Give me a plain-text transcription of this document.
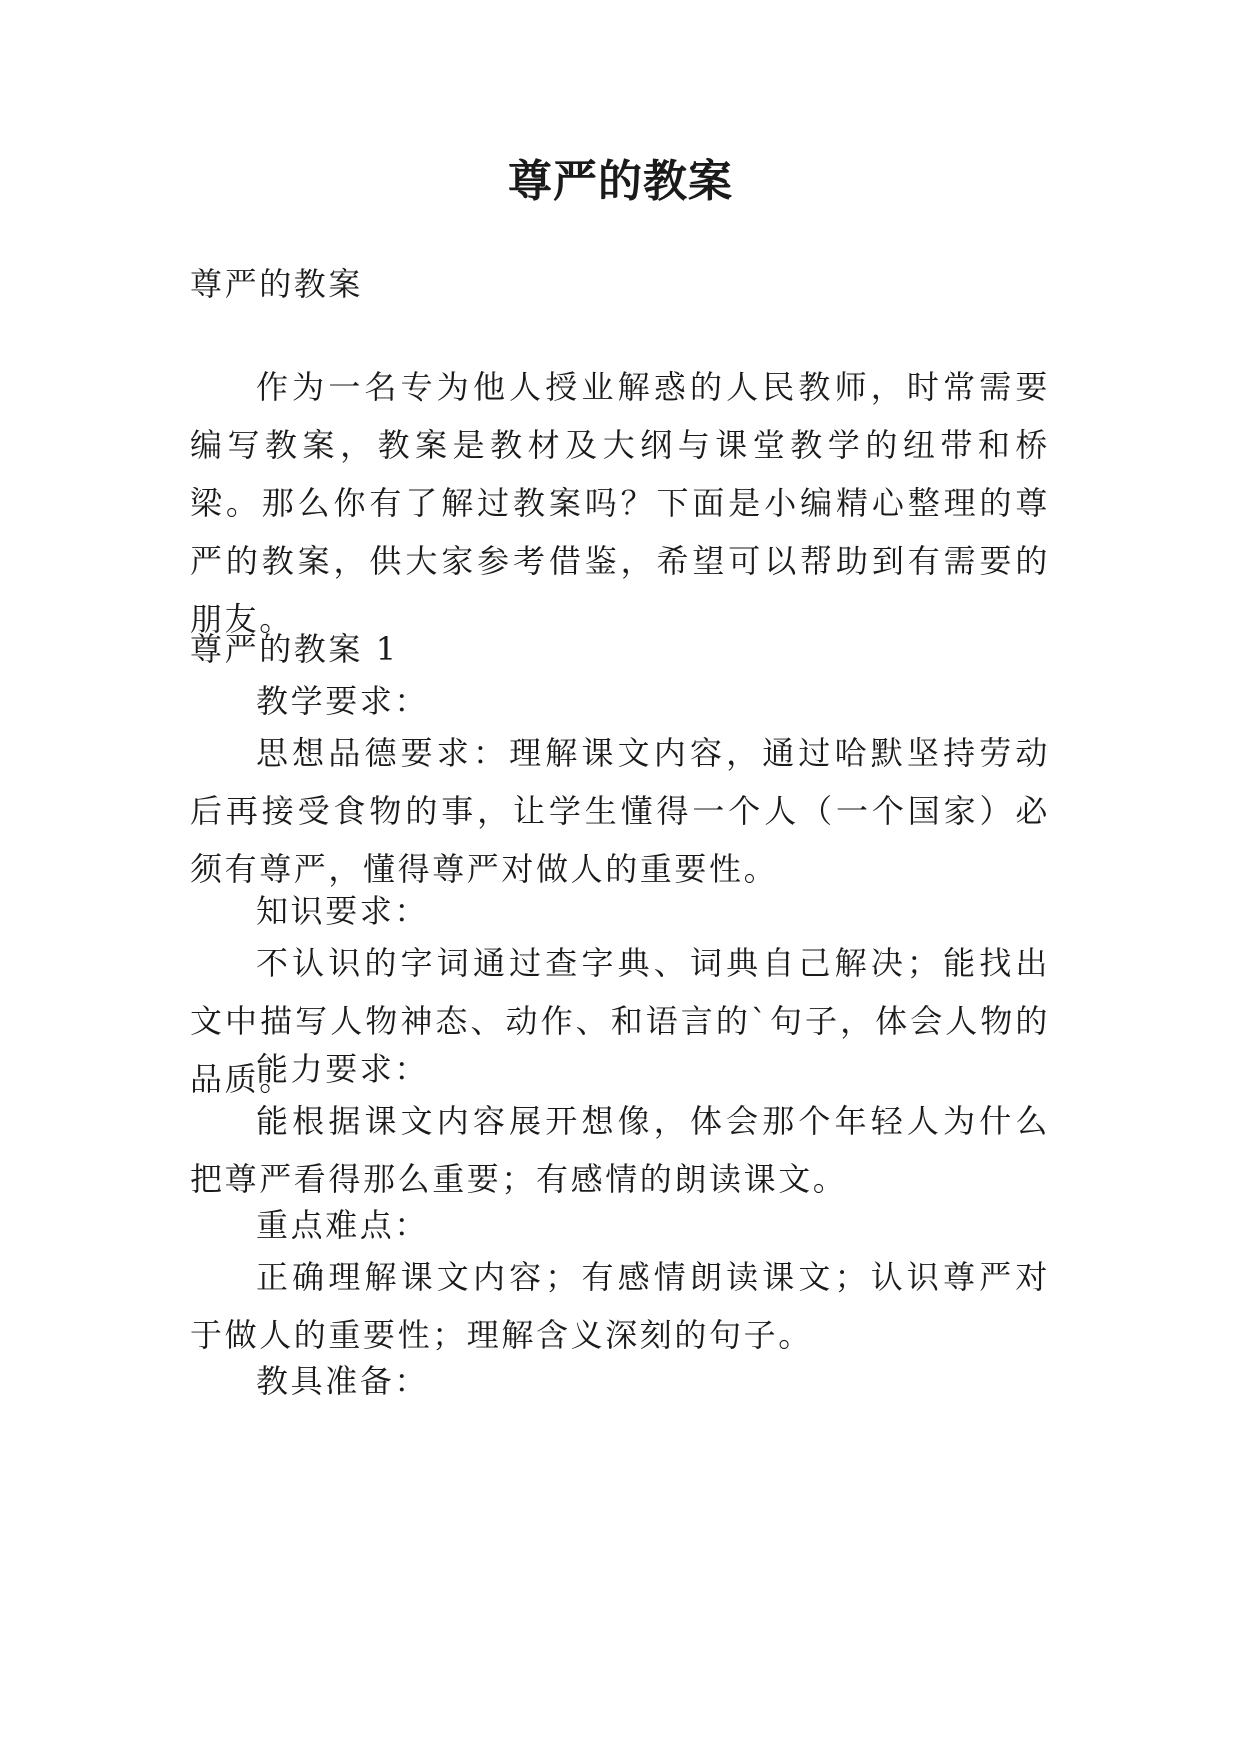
尊严的教案

尊严的教案

作为一名专为他人授业解惑的人民教师，时常需要编写教案，教案是教材及大纲与课堂教学的纽带和桥梁。那么你有了解过教案吗？下面是小编精心整理的尊严的教案，供大家参考借鉴，希望可以帮助到有需要的朋友。

尊严的教案 1

教学要求：

思想品德要求：理解课文内容，通过哈默坚持劳动后再接受食物的事，让学生懂得一个人（一个国家）必须有尊严，懂得尊严对做人的重要性。

知识要求：

不认识的字词通过查字典、词典自己解决；能找出文中描写人物神态、动作、和语言的`句子，体会人物的品质。

能力要求：

能根据课文内容展开想像，体会那个年轻人为什么把尊严看得那么重要；有感情的朗读课文。

重点难点：

正确理解课文内容；有感情朗读课文；认识尊严对于做人的重要性；理解含义深刻的句子。

教具准备：
